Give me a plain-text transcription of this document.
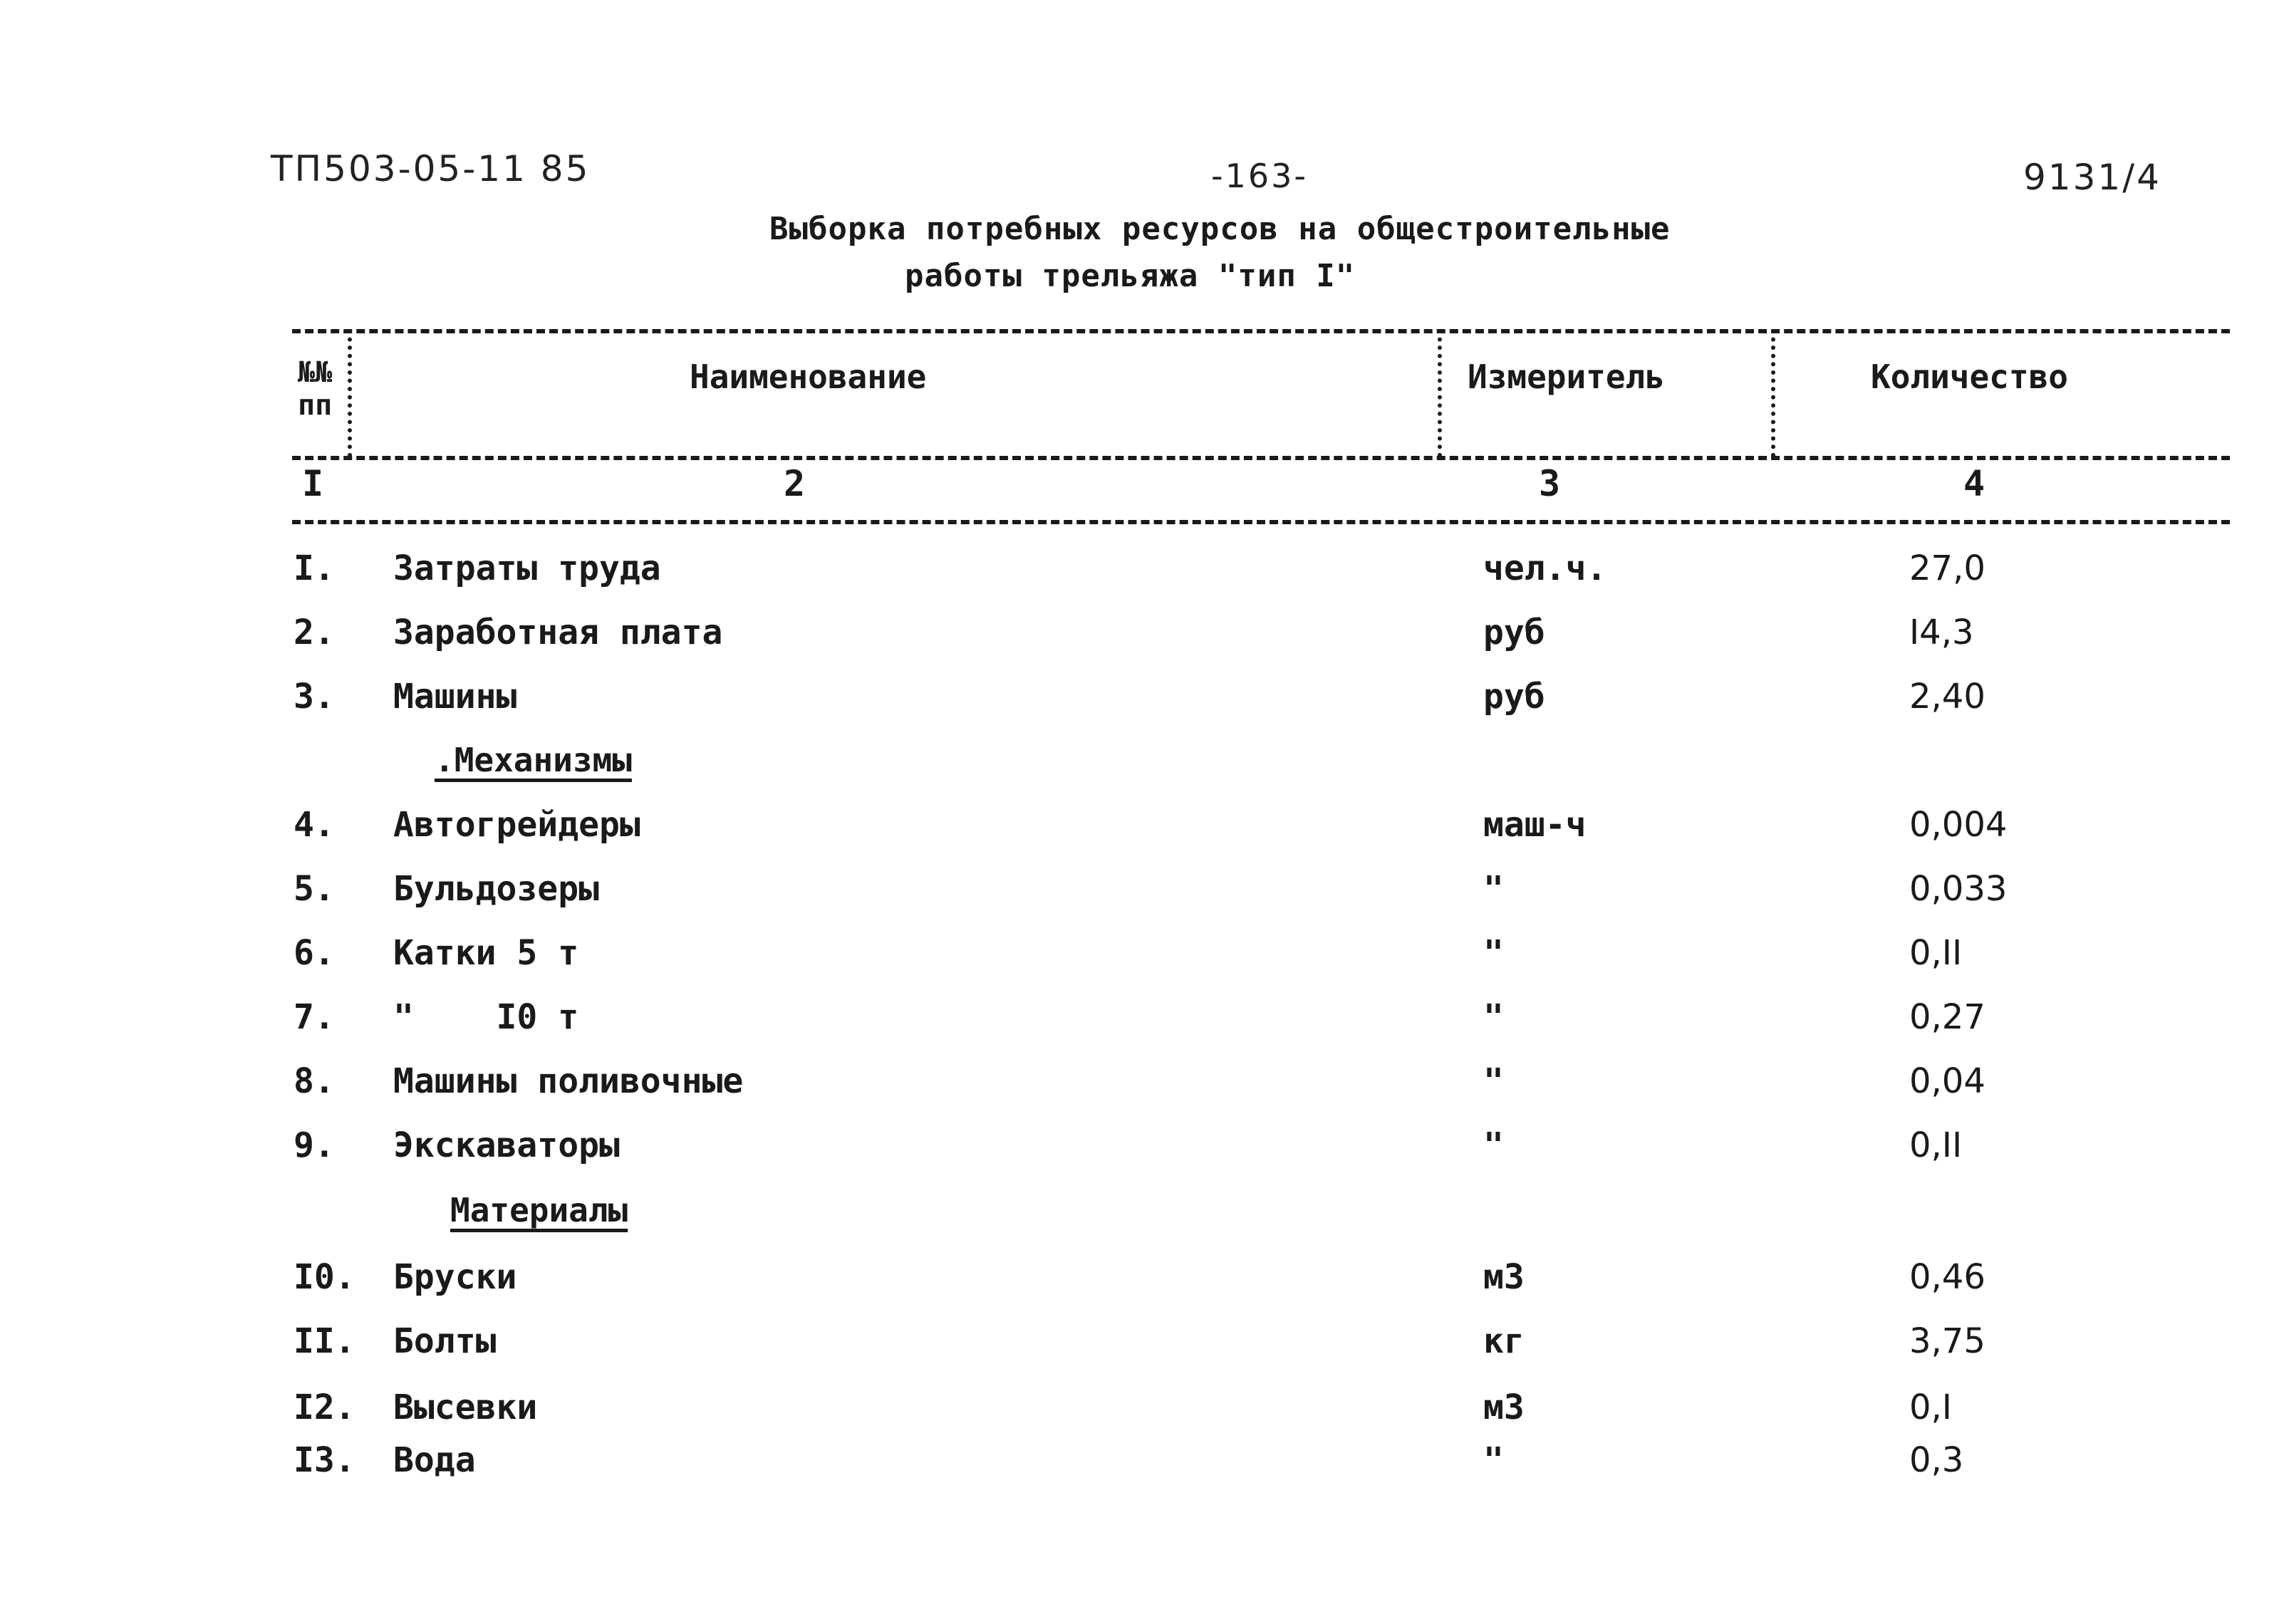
ТП503-05-11 85	-163-	9131/4
Выборка потребных ресурсов на общестроительные
работы трельяжа "тип I"
№№ пп
Наименование	Измеритель	Количество
I	2	3	4
I. Затраты труда	чел.ч.	27,0
2. Заработная плата	руб	I4,3
3. Машины	руб	2,40
.Механизмы
4. Автогрейдеры	маш-ч	0,004
5. Бульдозеры	"	0,033
6. Катки 5 т	"	0,II
7. "    I0 т	"	0,27
8. Машины поливочные	"	0,04
9. Экскаваторы	"	0,II
Материалы
I0. Бруски	м3	0,46
II. Болты	кг	3,75
I2. Высевки	м3	0,I
I3. Вода	"	0,3
